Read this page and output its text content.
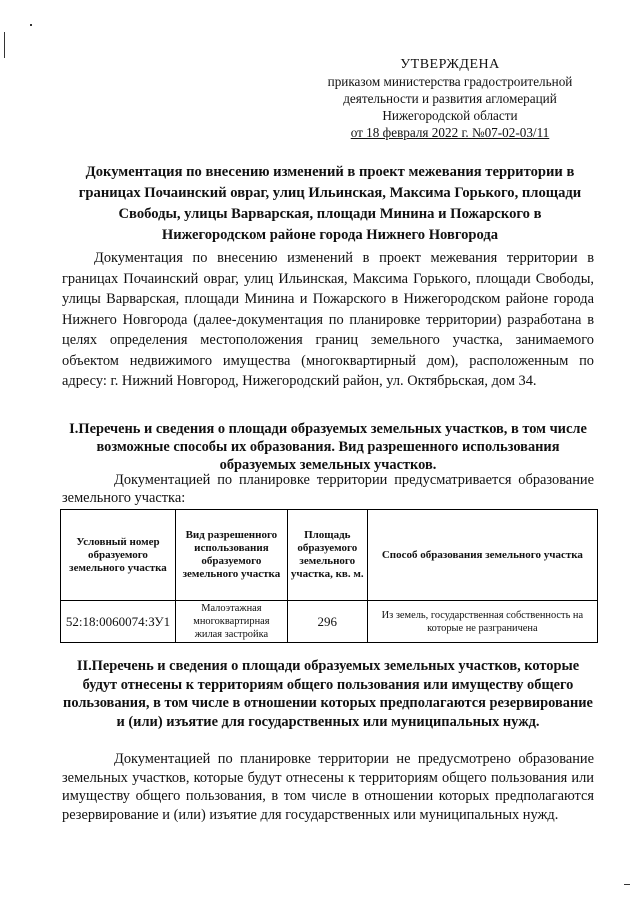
УТВЕРЖДЕНА
приказом министерства градостроительной
деятельности и развития агломераций
Нижегородской области
от 18 февраля 2022 г. №07-02-03/11
Документация по внесению изменений в проект межевания территории в границах Почаинский овраг, улиц Ильинская, Максима Горького, площади Свободы, улицы Варварская, площади Минина и Пожарского в Нижегородском районе города Нижнего Новгорода

Документация по внесению изменений в проект межевания территории в границах Почаинский овраг, улиц Ильинская, Максима Горького, площади Свободы, улицы Варварская, площади Минина и Пожарского в Нижегородском районе города Нижнего Новгорода (далее-документация по планировке территории) разработана в целях определения местоположения границ земельного участка, занимаемого объектом недвижимого имущества (многоквартирный дом), расположенным по адресу: г. Нижний Новгород, Нижегородский район, ул. Октябрьская, дом 34.

I.Перечень и сведения о площади образуемых земельных участков, в том числе возможные способы их образования. Вид разрешенного использования образуемых земельных участков.

Документацией по планировке территории предусматривается образование земельного участка:

Условный номер образуемого земельного участка	Вид разрешенного использования образуемого земельного участка	Площадь образуемого земельного участка, кв. м.	Способ образования земельного участка
52:18:0060074:ЗУ1	Малоэтажная многоквартирная жилая застройка	296	Из земель, государственная собственность на которые не разграничена
II.Перечень и сведения о площади образуемых земельных участков, которые будут отнесены к территориям общего пользования или имуществу общего пользования, в том числе в отношении которых предполагаются резервирование и (или) изъятие для государственных или муниципальных нужд.

Документацией по планировке территории не предусмотрено образование земельных участков, которые будут отнесены к территориям общего пользования или имуществу общего пользования, в том числе в отношении которых предполагаются резервирование и (или) изъятие для государственных или муниципальных нужд.
